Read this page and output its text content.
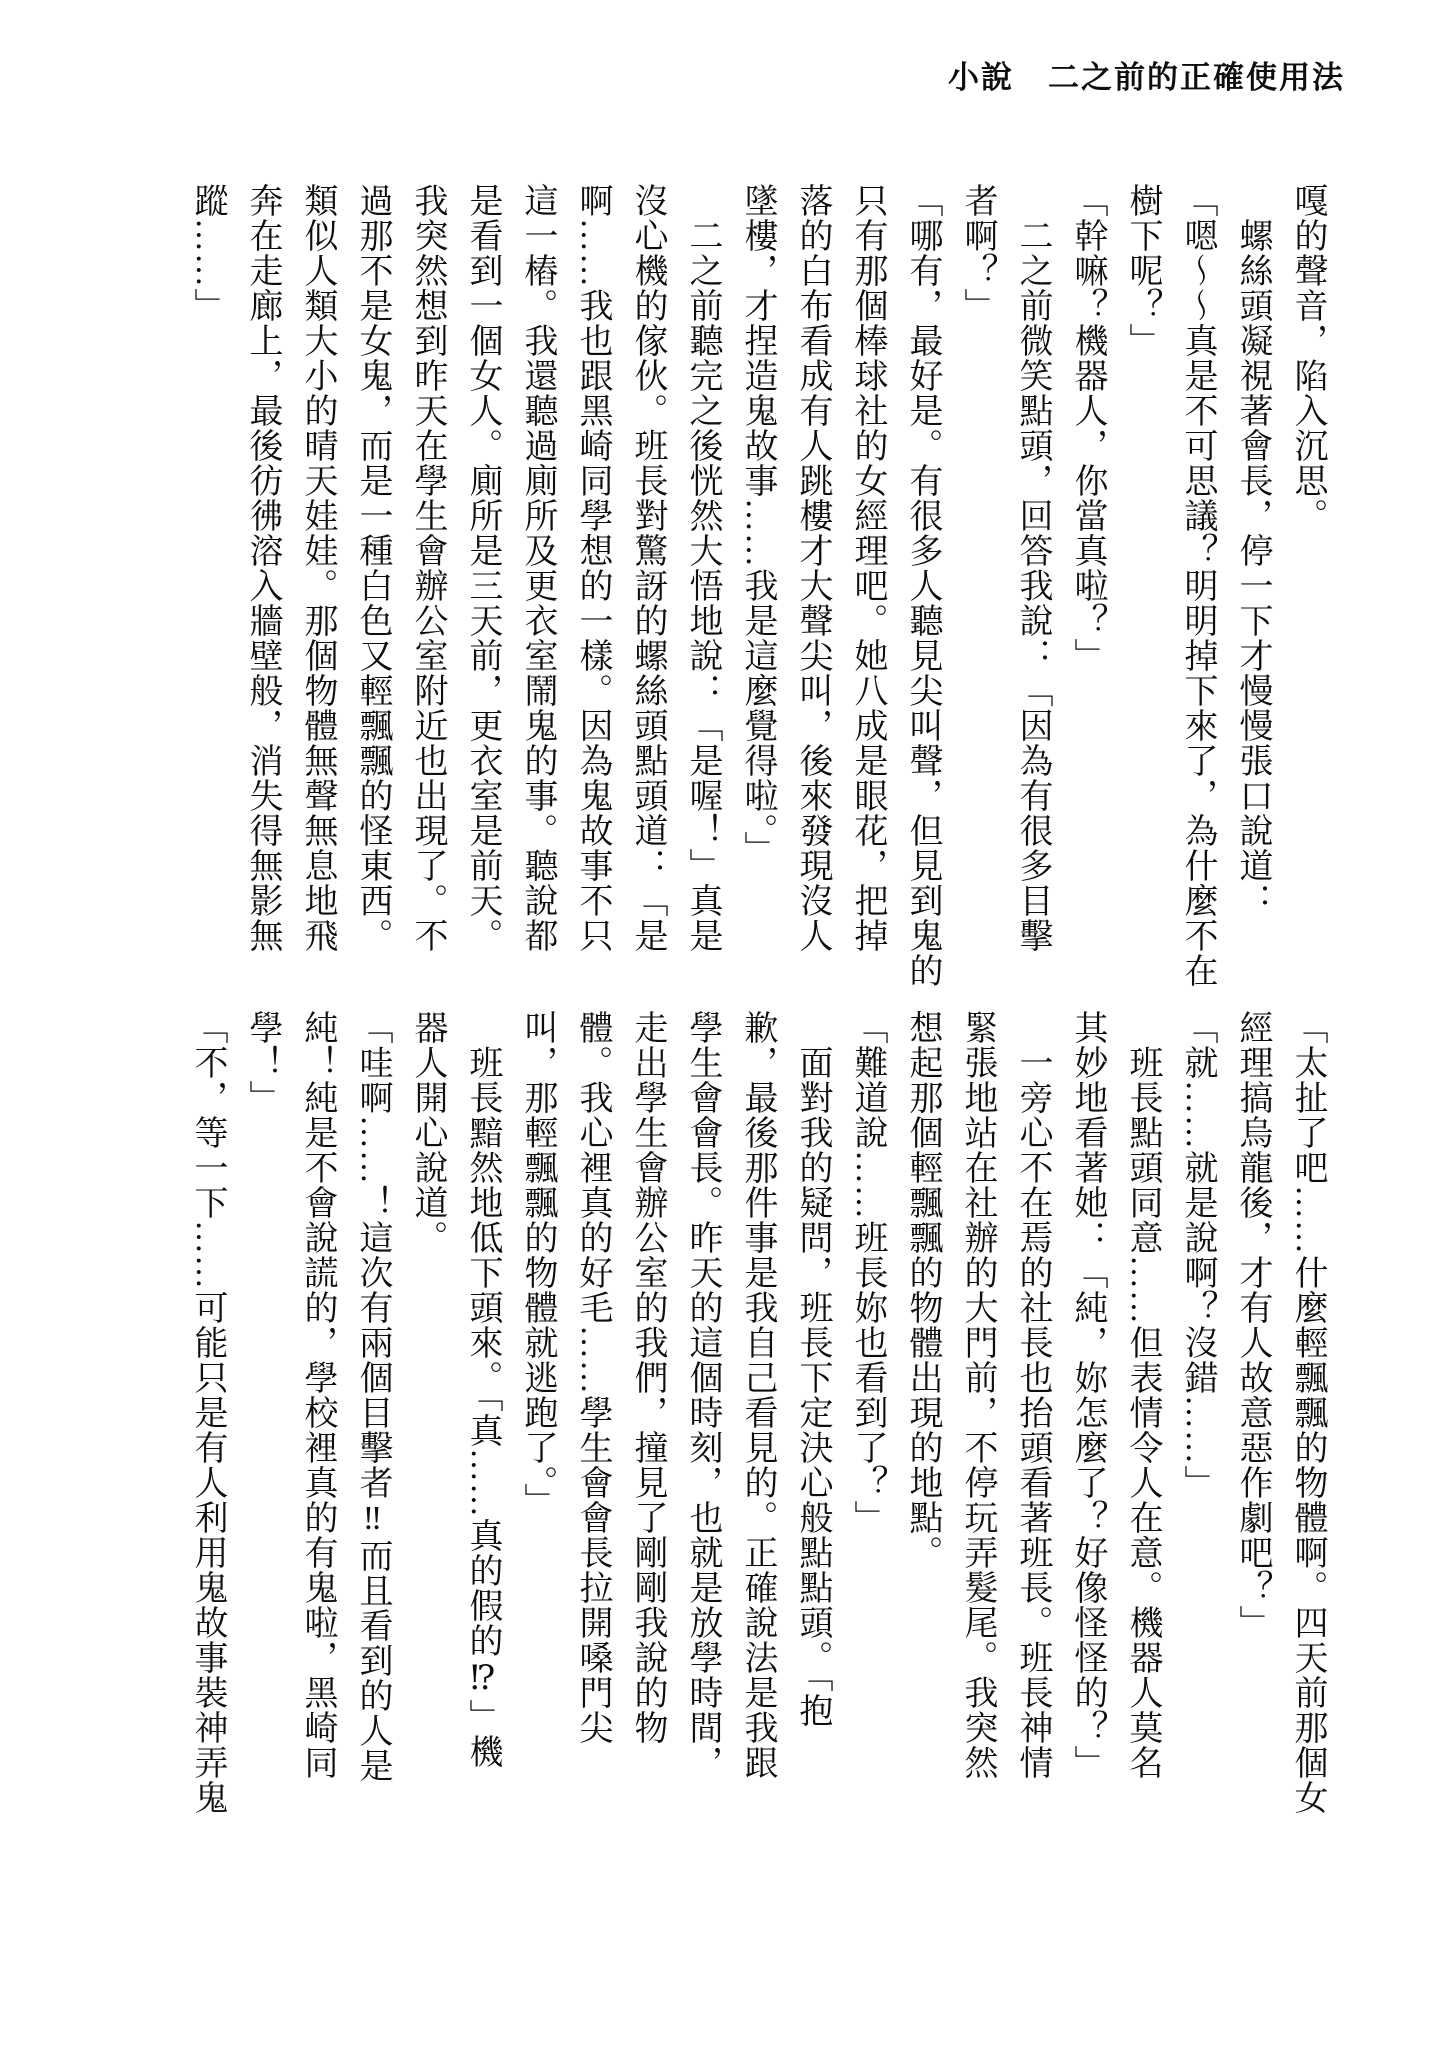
小說 二之前的正確使用法
嘎的聲音，陷入沉思。
　螺絲頭凝視著會長，停一下才慢慢張口說道：
「嗯～～真是不可思議？明明掉下來了，為什麼不在
樹下呢？」
「幹嘛？機器人，你當真啦？」
　二之前微笑點頭，回答我說：「因為有很多目擊
者啊？」
「哪有，最好是。有很多人聽見尖叫聲，但見到鬼的
只有那個棒球社的女經理吧。她八成是眼花，把掉
落的白布看成有人跳樓才大聲尖叫，後來發現沒人
墜樓，才捏造鬼故事……我是這麼覺得啦。」
　二之前聽完之後恍然大悟地說：「是喔！」真是
沒心機的傢伙。班長對驚訝的螺絲頭點頭道：「是
啊……我也跟黑崎同學想的一樣。因為鬼故事不只
這一樁。我還聽過廁所及更衣室鬧鬼的事。聽說都
是看到一個女人。廁所是三天前，更衣室是前天。
我突然想到昨天在學生會辦公室附近也出現了。不
過那不是女鬼，而是一種白色又輕飄飄的怪東西。
類似人類大小的晴天娃娃。那個物體無聲無息地飛
奔在走廊上，最後彷彿溶入牆壁般，消失得無影無
蹤……」
「太扯了吧……什麼輕飄飄的物體啊。四天前那個女
經理搞烏龍後，才有人故意惡作劇吧？」
「就……就是說啊？沒錯……」
　班長點頭同意……但表情令人在意。機器人莫名
其妙地看著她：「純，妳怎麼了？好像怪怪的？」
　一旁心不在焉的社長也抬頭看著班長。班長神情
緊張地站在社辦的大門前，不停玩弄髮尾。我突然
想起那個輕飄飄的物體出現的地點。
「難道說……班長妳也看到了？」
　面對我的疑問，班長下定決心般點點頭。「抱
歉，最後那件事是我自己看見的。正確說法是我跟
學生會會長。昨天的這個時刻，也就是放學時間，
走出學生會辦公室的我們，撞見了剛剛我說的物
體。我心裡真的好毛……學生會會長拉開嗓門尖
叫，那輕飄飄的物體就逃跑了。」
　班長黯然地低下頭來。「真……真的假的⁉」機
器人開心說道。
「哇啊……！這次有兩個目擊者‼而且看到的人是
純！純是不會說謊的，學校裡真的有鬼啦，黑崎同
學！」
「不，等一下……可能只是有人利用鬼故事裝神弄鬼
